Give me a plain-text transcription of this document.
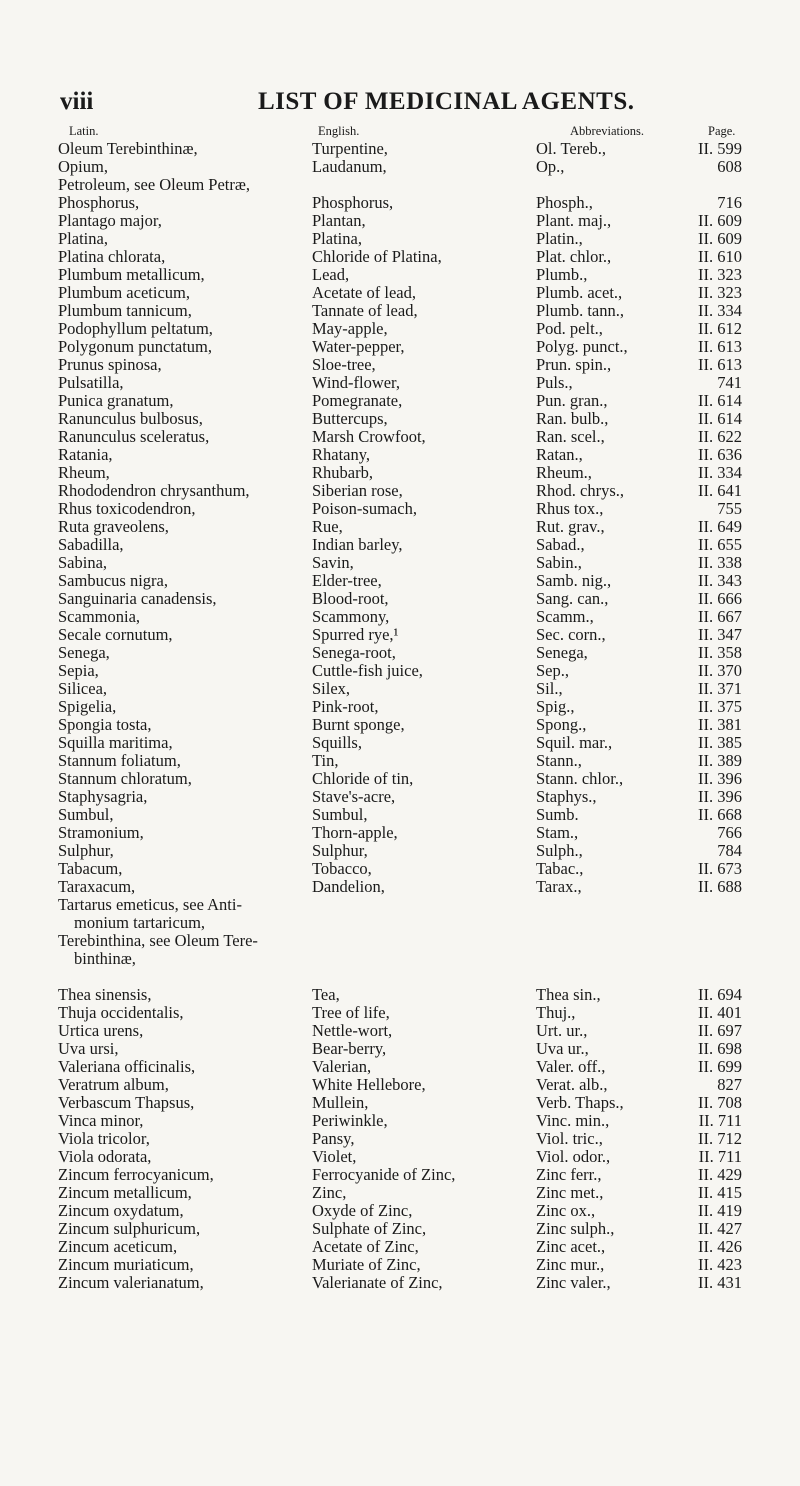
viii	LIST OF MEDICINAL AGENTS.
Latin.	English.	Abbreviations.	Page.
Oleum Terebinthinæ,	Turpentine,	Ol. Tereb.,	II. 599
Opium,	Laudanum,	Op.,	608
Petroleum, see Oleum Petræ,
Phosphorus,	Phosphorus,	Phosph.,	716
Plantago major,	Plantan,	Plant. maj.,	II. 609
Platina,	Platina,	Platin.,	II. 609
Platina chlorata,	Chloride of Platina,	Plat. chlor.,	II. 610
Plumbum metallicum,	Lead,	Plumb.,	II. 323
Plumbum aceticum,	Acetate of lead,	Plumb. acet.,	II. 323
Plumbum tannicum,	Tannate of lead,	Plumb. tann.,	II. 334
Podophyllum peltatum,	May-apple,	Pod. pelt.,	II. 612
Polygonum punctatum,	Water-pepper,	Polyg. punct.,	II. 613
Prunus spinosa,	Sloe-tree,	Prun. spin.,	II. 613
Pulsatilla,	Wind-flower,	Puls.,	741
Punica granatum,	Pomegranate,	Pun. gran.,	II. 614
Ranunculus bulbosus,	Buttercups,	Ran. bulb.,	II. 614
Ranunculus sceleratus,	Marsh Crowfoot,	Ran. scel.,	II. 622
Ratania,	Rhatany,	Ratan.,	II. 636
Rheum,	Rhubarb,	Rheum.,	II. 334
Rhododendron chrysanthum,	Siberian rose,	Rhod. chrys.,	II. 641
Rhus toxicodendron,	Poison-sumach,	Rhus tox.,	755
Ruta graveolens,	Rue,	Rut. grav.,	II. 649
Sabadilla,	Indian barley,	Sabad.,	II. 655
Sabina,	Savin,	Sabin.,	II. 338
Sambucus nigra,	Elder-tree,	Samb. nig.,	II. 343
Sanguinaria canadensis,	Blood-root,	Sang. can.,	II. 666
Scammonia,	Scammony,	Scamm.,	II. 667
Secale cornutum,	Spurred rye,¹	Sec. corn.,	II. 347
Senega,	Senega-root,	Senega,	II. 358
Sepia,	Cuttle-fish juice,	Sep.,	II. 370
Silicea,	Silex,	Sil.,	II. 371
Spigelia,	Pink-root,	Spig.,	II. 375
Spongia tosta,	Burnt sponge,	Spong.,	II. 381
Squilla maritima,	Squills,	Squil. mar.,	II. 385
Stannum foliatum,	Tin,	Stann.,	II. 389
Stannum chloratum,	Chloride of tin,	Stann. chlor.,	II. 396
Staphysagria,	Stave's-acre,	Staphys.,	II. 396
Sumbul,	Sumbul,	Sumb.	II. 668
Stramonium,	Thorn-apple,	Stam.,	766
Sulphur,	Sulphur,	Sulph.,	784
Tabacum,	Tobacco,	Tabac.,	II. 673
Taraxacum,	Dandelion,	Tarax.,	II. 688
Tartarus emeticus, see Anti-
monium tartaricum,
Terebinthina, see Oleum Tere-
binthinæ,
Thea sinensis,	Tea,	Thea sin.,	II. 694
Thuja occidentalis,	Tree of life,	Thuj.,	II. 401
Urtica urens,	Nettle-wort,	Urt. ur.,	II. 697
Uva ursi,	Bear-berry,	Uva ur.,	II. 698
Valeriana officinalis,	Valerian,	Valer. off.,	II. 699
Veratrum album,	White Hellebore,	Verat. alb.,	827
Verbascum Thapsus,	Mullein,	Verb. Thaps.,	II. 708
Vinca minor,	Periwinkle,	Vinc. min.,	II. 711
Viola tricolor,	Pansy,	Viol. tric.,	II. 712
Viola odorata,	Violet,	Viol. odor.,	II. 711
Zincum ferrocyanicum,	Ferrocyanide of Zinc,	Zinc ferr.,	II. 429
Zincum metallicum,	Zinc,	Zinc met.,	II. 415
Zincum oxydatum,	Oxyde of Zinc,	Zinc ox.,	II. 419
Zincum sulphuricum,	Sulphate of Zinc,	Zinc sulph.,	II. 427
Zincum aceticum,	Acetate of Zinc,	Zinc acet.,	II. 426
Zincum muriaticum,	Muriate of Zinc,	Zinc mur.,	II. 423
Zincum valerianatum,	Valerianate of Zinc,	Zinc valer.,	II. 431
